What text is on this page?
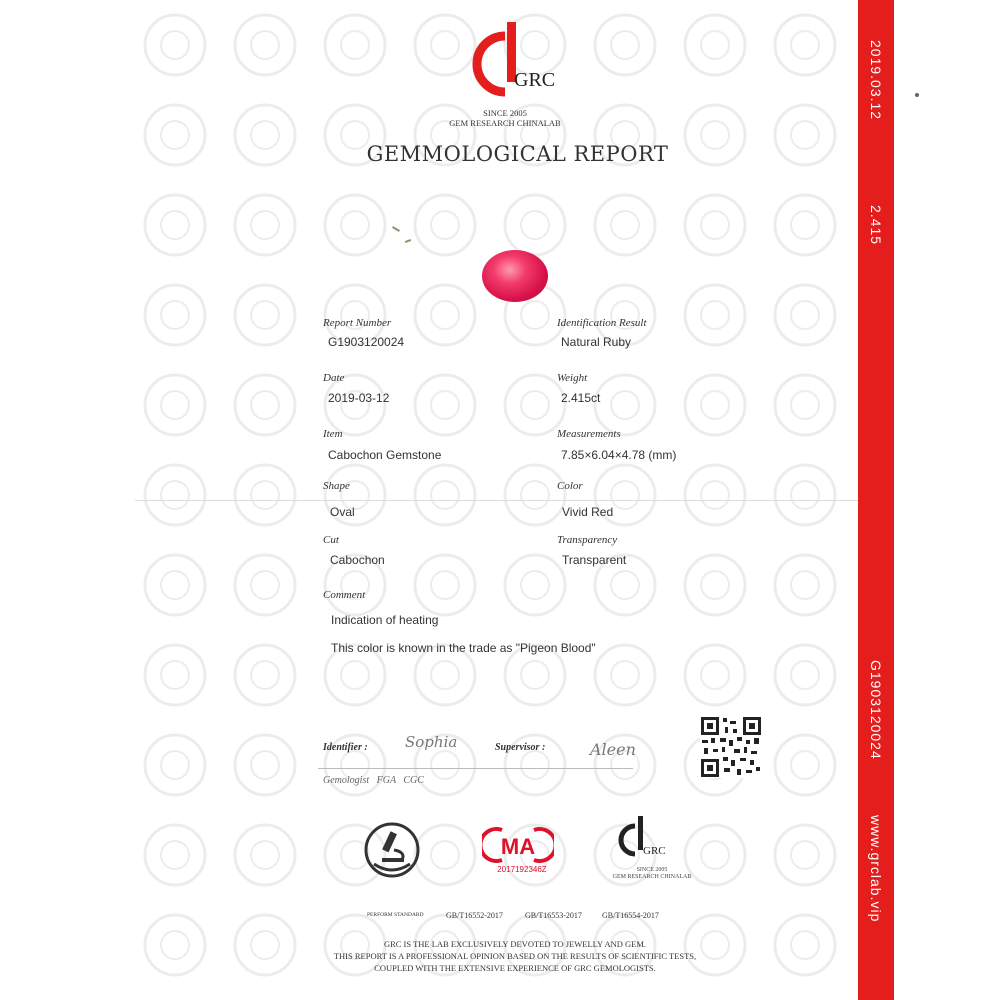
GRC
SINCE 2005
GEM RESEARCH CHINALAB
GEMMOLOGICAL REPORT
Report Number
G1903120024
Identification Result
Natural Ruby
Date
2019-03-12
Weight
2.415ct
Item
Cabochon Gemstone
Measurements
7.85×6.04×4.78 (mm)
Shape
Oval
Color
Vivid Red
Cut
Cabochon
Transparency
Transparent
Comment
Indication of heating
This color is known in the trade as "Pigeon Blood"
Identifier : Sophia	Supervisor :	Aleen
Gemologist FGA CGC
MA
2017192346Z
GRC
SINCE 2005
GEM RESEARCH CHINALAB
PERFORM STANDARD	GB/T16552-2017	GB/T16553-2017	GB/T16554-2017
GRC IS THE LAB EXCLUSIVELY DEVOTED TO JEWELLY AND GEM.
THIS REPORT IS A PROFESSIONAL OPINION BASED ON THE RESULTS OF SCIENTIFIC TESTS,
COUPLED WITH THE EXTENSIVE EXPERIENCE OF GRC GEMOLOGISTS.
2019.03.12
2.415
G1903120024
www.grclab.vip
